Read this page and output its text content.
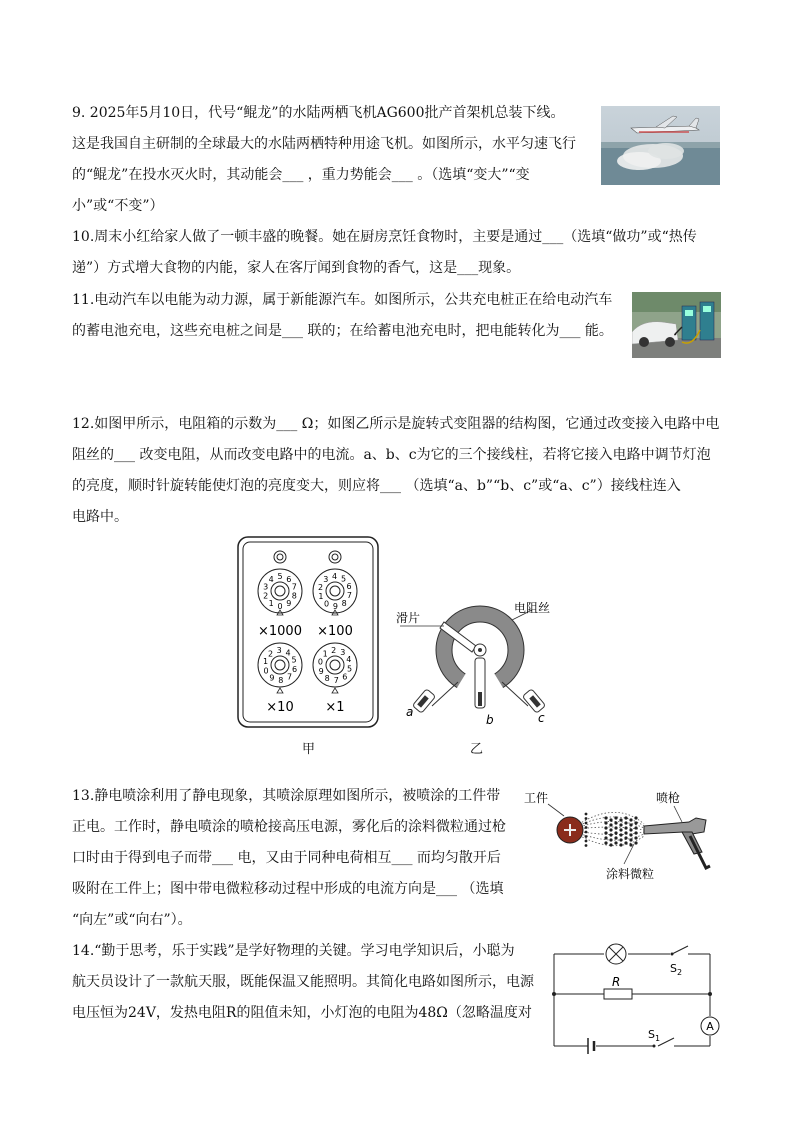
9. 2025年5月10日，代号“鲲龙”的水陆两栖飞机AG600批产首架机总装下线。
这是我国自主研制的全球最大的水陆两栖特种用途飞机。如图所示，水平匀速飞行
的“鲲龙”在投水灭火时，其动能会___ ，重力势能会___ 。（选填“变大”“变
小”或“不变”）
10.周末小红给家人做了一顿丰盛的晚餐。她在厨房烹饪食物时，主要是通过___（选填“做功”或“热传
递”）方式增大食物的内能，家人在客厅闻到食物的香气，这是___现象。
11.电动汽车以电能为动力源，属于新能源汽车。如图所示，公共充电桩正在给电动汽车
的蓄电池充电，这些充电桩之间是___ 联的；在给蓄电池充电时，把电能转化为___ 能。
12.如图甲所示，电阻箱的示数为___ Ω；如图乙所示是旋转式变阻器的结构图，它通过改变接入电路中电
阻丝的___ 改变电阻，从而改变电路中的电流。a、b、c为它的三个接线柱，若将它接入电路中调节灯泡
的亮度，顺时针旋转能使灯泡的亮度变大，则应将___ （选填“a、b”“b、c”或“a、c”）接线柱连入
电路中。
0
1
2
3
4 5 6
7
8
9	0
1
2
3 4 5
6
7
8
9
0
1
2 3 4
5
6
7
8
9
0
1 2 3
4
5
6
7
8
9
×1000 ×100
×10 ×1
甲
滑片
电阻丝
a
b	c
乙
13.静电喷涂利用了静电现象，其喷涂原理如图所示，被喷涂的工件带
正电。工作时，静电喷涂的喷枪接高压电源，雾化后的涂料微粒通过枪
口时由于得到电子而带___ 电，又由于同种电荷相互___ 而均匀散开后
吸附在工件上；图中带电微粒移动过程中形成的电流方向是___ （选填
“向左”或“向右”）。
工件	喷枪
涂料微粒
14.“勤于思考，乐于实践”是学好物理的关键。学习电学知识后，小聪为
航天员设计了一款航天服，既能保温又能照明。其简化电路如图所示，电源
电压恒为24V，发热电阻R的阻值未知，小灯泡的电阻为48Ω（忽略温度对
A
R
$S_2$
$S_1$
